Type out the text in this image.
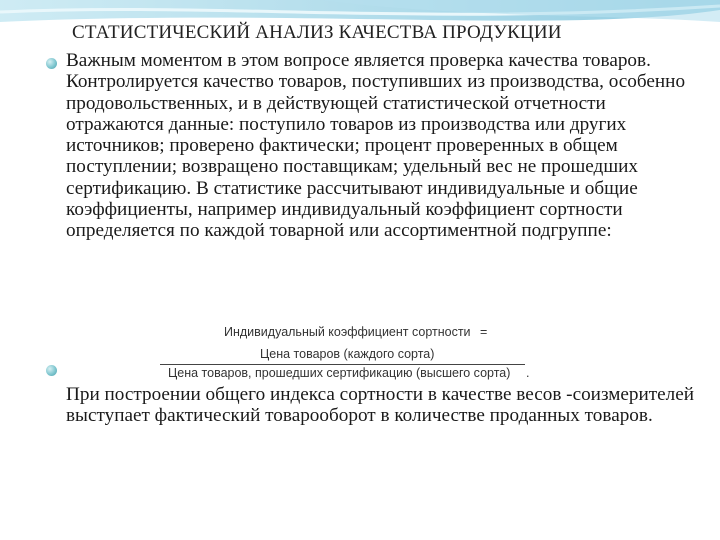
СТАТИСТИЧЕСКИЙ АНАЛИЗ КАЧЕСТВА ПРОДУКЦИИ
Важным моментом в этом вопросе является проверка качества товаров. Контролируется качество товаров, поступивших из производства, особенно продовольственных, и в действующей статистической отчетности отражаются данные: поступило товаров из производства или других источников; проверено фактически; процент проверенных в общем поступлении; возвращено поставщикам; удельный вес не прошедших сертификацию. В статистике рассчитывают индивидуальные и общие коэффициенты, например индивидуальный коэффициент сортности определяется по каждой товарной или ассортиментной подгруппе:
Индивидуальный коэффициент сортности =
Цена товаров (каждого сорта)
Цена товаров, прошедших сертификацию (высшего сорта) .
При построении общего индекса сортности в качестве весов -соизмерителей выступает фактический товарооборот в количестве проданных товаров.
